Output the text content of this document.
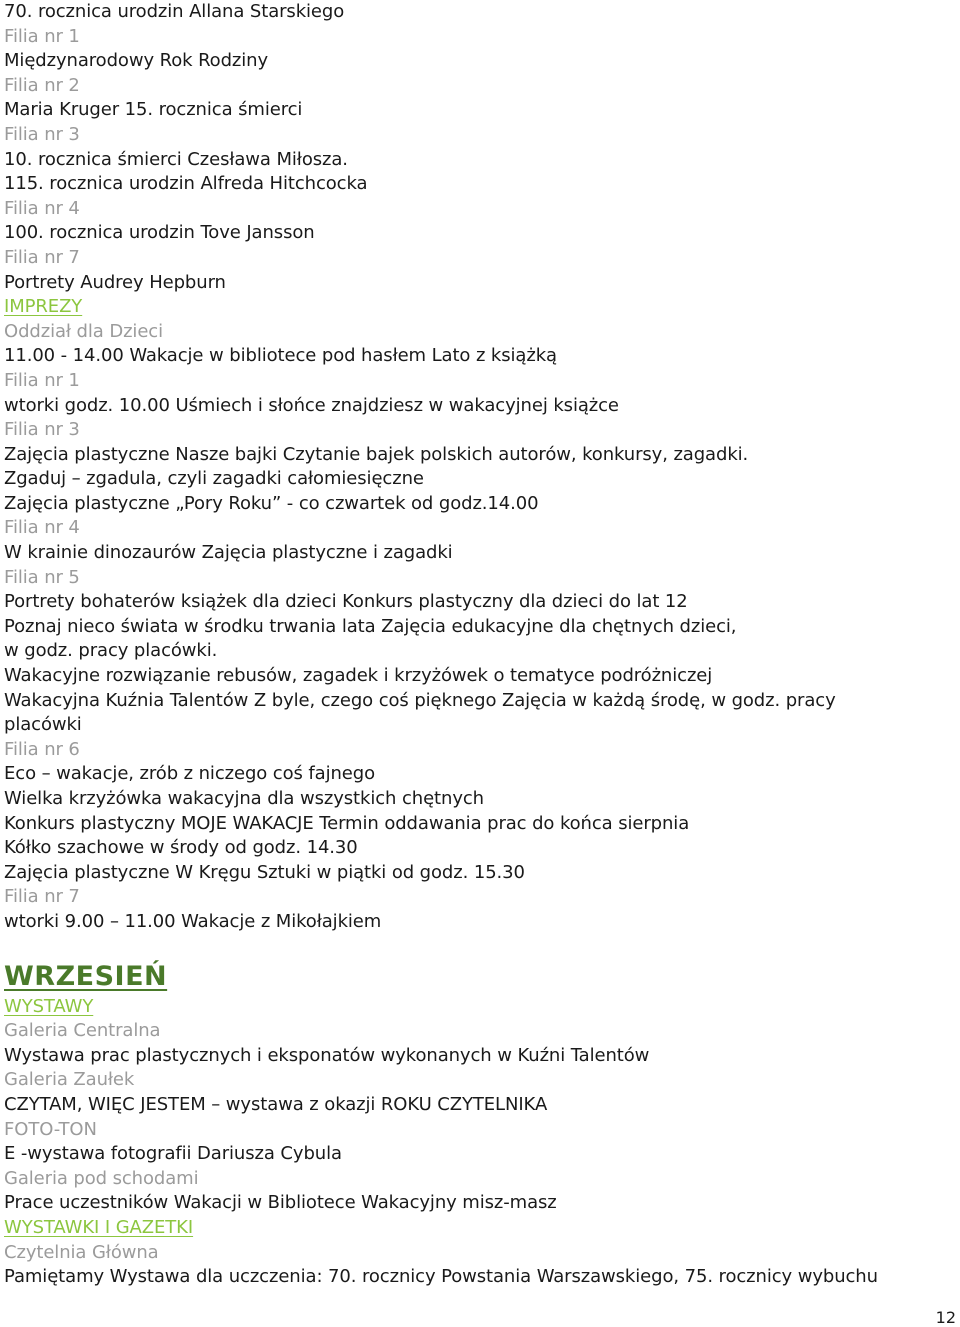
70. rocznica urodzin Allana Starskiego
Filia nr 1
Międzynarodowy Rok Rodziny
Filia nr 2
Maria Kruger 15. rocznica śmierci
Filia nr 3
10. rocznica śmierci Czesława Miłosza.
115. rocznica urodzin Alfreda Hitchcocka
Filia nr 4
100. rocznica urodzin Tove Jansson
Filia nr 7
Portrety Audrey Hepburn
IMPREZY
Oddział dla Dzieci
11.00 - 14.00 Wakacje w bibliotece pod hasłem Lato z książką
Filia nr 1
wtorki godz. 10.00 Uśmiech i słońce znajdziesz w wakacyjnej książce
Filia nr 3
Zajęcia plastyczne Nasze bajki Czytanie bajek polskich autorów, konkursy, zagadki.
Zgaduj – zgadula, czyli zagadki całomiesięczne
Zajęcia plastyczne „Pory Roku” - co czwartek od godz.14.00
Filia nr 4
W krainie dinozaurów Zajęcia plastyczne i zagadki
Filia nr 5
Portrety bohaterów książek dla dzieci Konkurs plastyczny dla dzieci do lat 12
Poznaj nieco świata w środku trwania lata Zajęcia edukacyjne dla chętnych dzieci,
w godz. pracy placówki.
Wakacyjne rozwiązanie rebusów, zagadek i krzyżówek o tematyce podróżniczej
Wakacyjna Kuźnia Talentów Z byle, czego coś pięknego Zajęcia w każdą środę, w godz. pracy
placówki
Filia nr 6
Eco – wakacje, zrób z niczego coś fajnego
Wielka krzyżówka wakacyjna dla wszystkich chętnych
Konkurs plastyczny MOJE WAKACJE Termin oddawania prac do końca sierpnia
Kółko szachowe w środy od godz. 14.30
Zajęcia plastyczne W Kręgu Sztuki w piątki od godz. 15.30
Filia nr 7
wtorki 9.00 – 11.00 Wakacje z Mikołajkiem
WRZESIEŃ
WYSTAWY
Galeria Centralna
Wystawa prac plastycznych i eksponatów wykonanych w Kuźni Talentów
Galeria Zaułek
CZYTAM, WIĘC JESTEM – wystawa z okazji ROKU CZYTELNIKA
FOTO-TON
E -wystawa fotografii Dariusza Cybula
Galeria pod schodami
Prace uczestników Wakacji w Bibliotece Wakacyjny misz-masz
WYSTAWKI I GAZETKI
Czytelnia Główna
Pamiętamy Wystawa dla uczczenia: 70. rocznicy Powstania Warszawskiego, 75. rocznicy wybuchu
12
